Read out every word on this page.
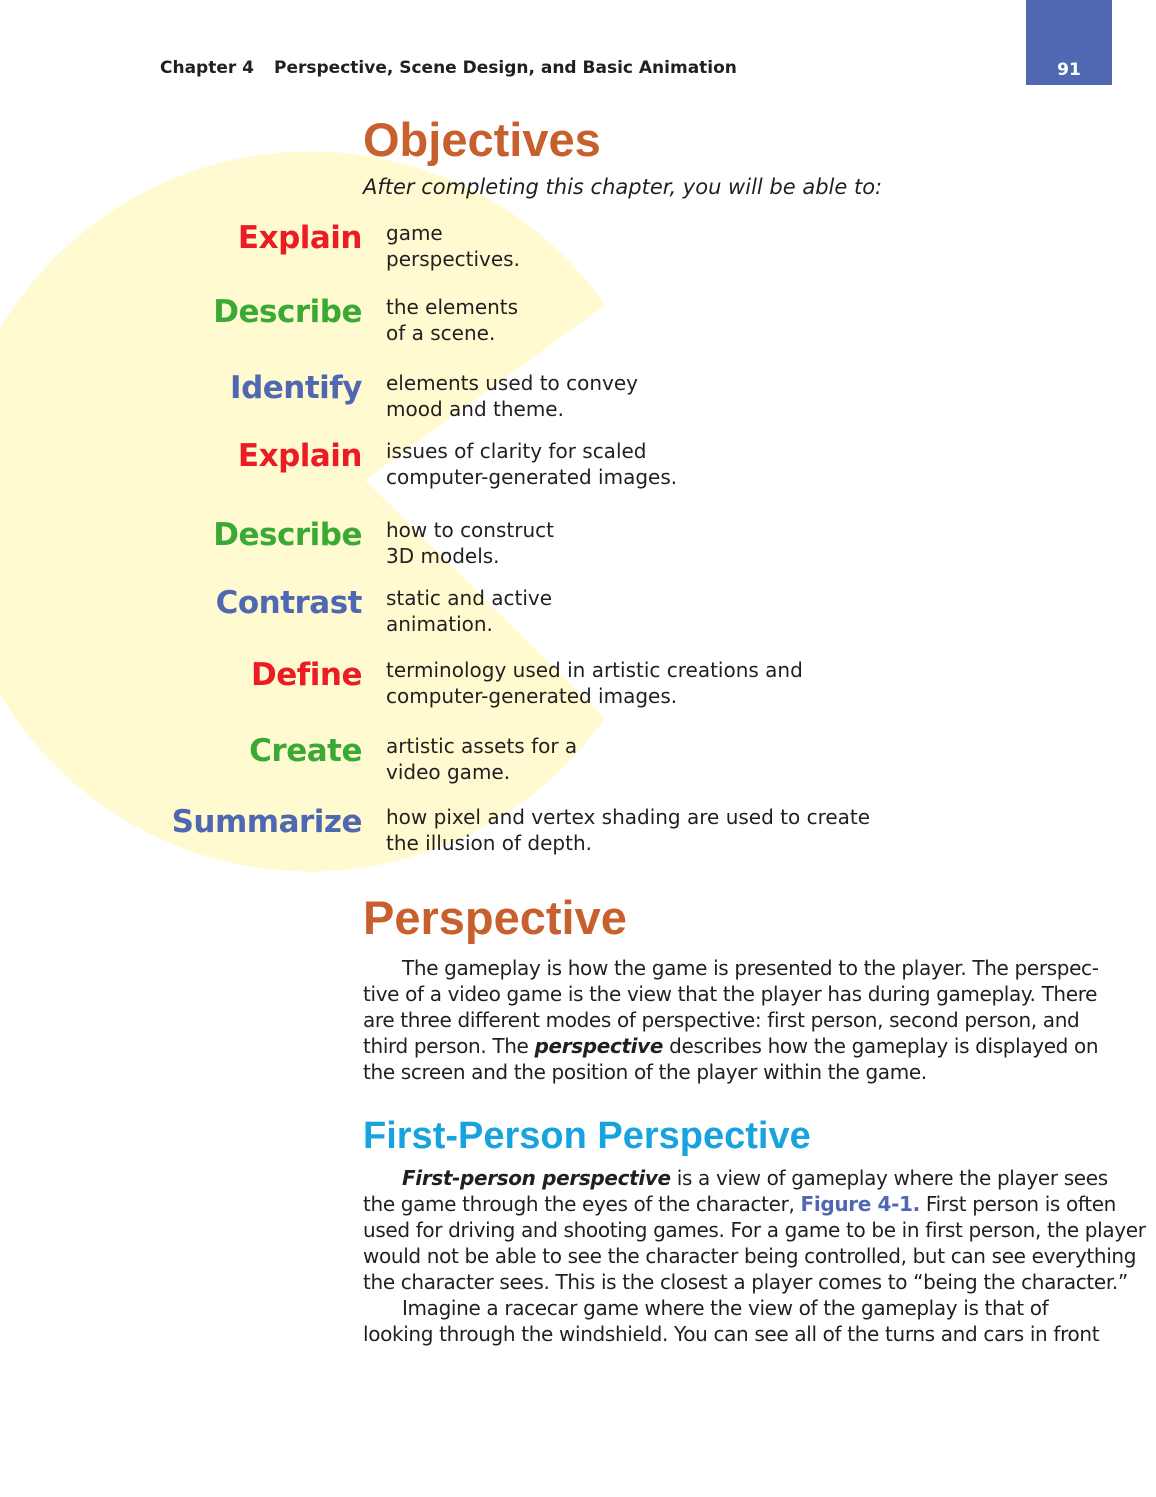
Chapter 4 Perspective, Scene Design, and Basic Animation	91
Objectives
After completing this chapter, you will be able to:
Explain game
perspectives.

Describe the elements
of a scene.

Identify elements used to convey
mood and theme.

Explain issues of clarity for scaled
computer-generated images.

Describe how to construct
3D models.

Contrast static and active
animation.

Define terminology used in artistic creations and
computer-generated images.

Create artistic assets for a
video game.

Summarize how pixel and vertex shading are used to create
the illusion of depth.

Perspective
The gameplay is how the game is presented to the player. The perspec-
tive of a video game is the view that the player has during gameplay. There
are three different modes of perspective: first person, second person, and
third person. The perspective describes how the gameplay is displayed on
the screen and the position of the player within the game.
First-Person Perspective
First-person perspective is a view of gameplay where the player sees
the game through the eyes of the character, Figure 4-1. First person is often
used for driving and shooting games. For a game to be in first person, the player
would not be able to see the character being controlled, but can see everything
the character sees. This is the closest a player comes to “being the character.”
Imagine a racecar game where the view of the gameplay is that of
looking through the windshield. You can see all of the turns and cars in front
